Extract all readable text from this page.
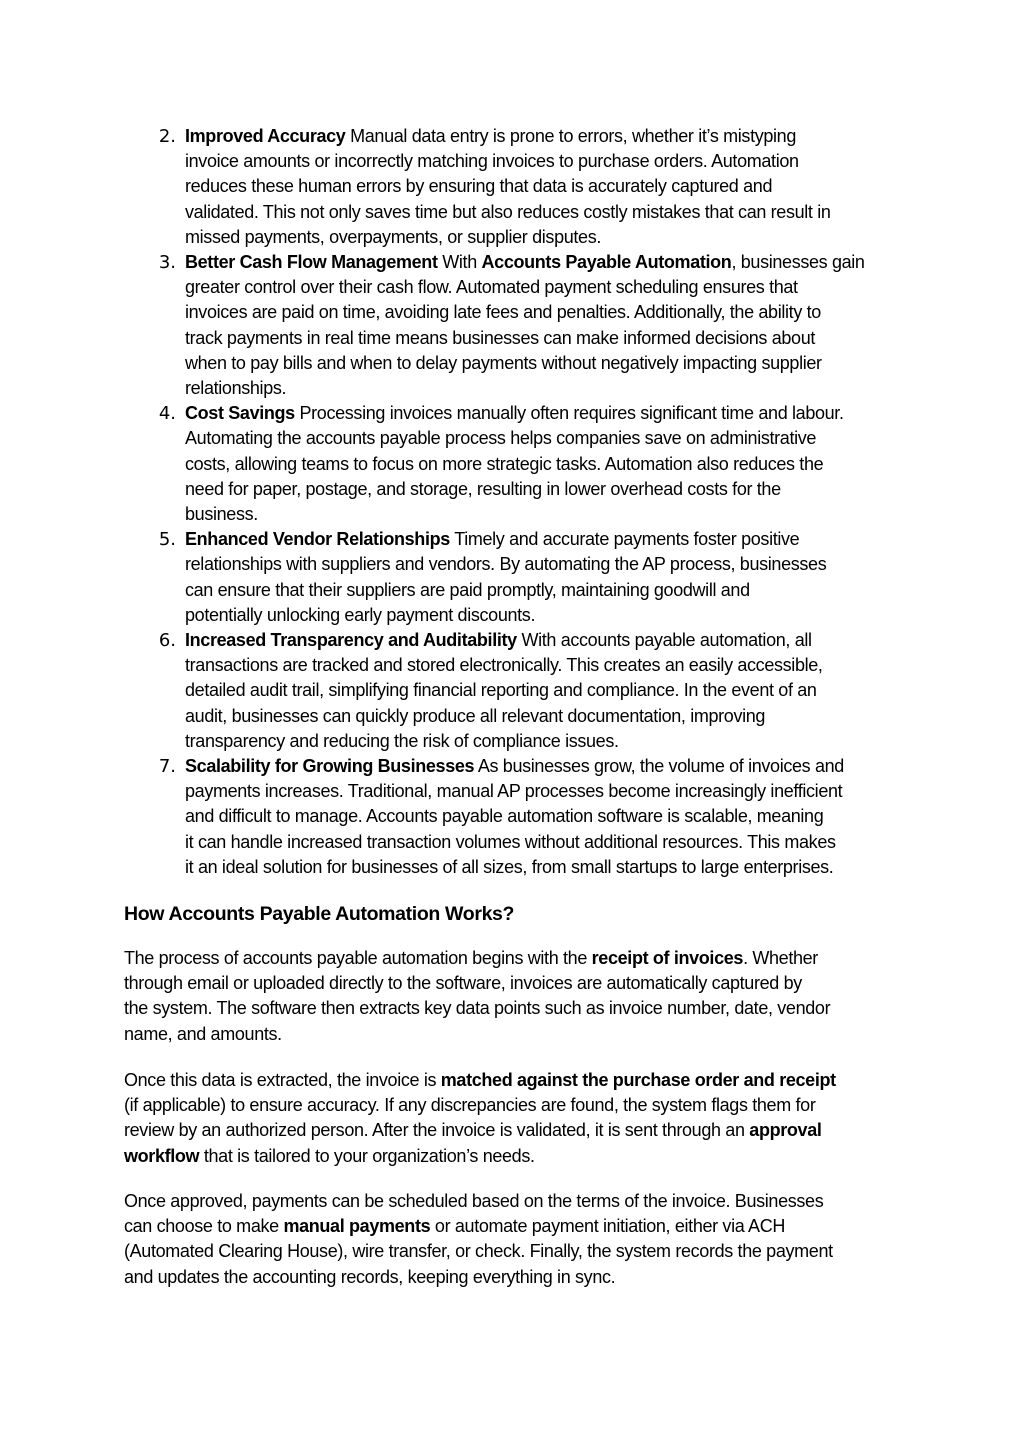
2. Improved Accuracy Manual data entry is prone to errors, whether it’s mistyping
invoice amounts or incorrectly matching invoices to purchase orders. Automation
reduces these human errors by ensuring that data is accurately captured and
validated. This not only saves time but also reduces costly mistakes that can result in
missed payments, overpayments, or supplier disputes.
3. Better Cash Flow Management With Accounts Payable Automation, businesses gain
greater control over their cash flow. Automated payment scheduling ensures that
invoices are paid on time, avoiding late fees and penalties. Additionally, the ability to
track payments in real time means businesses can make informed decisions about
when to pay bills and when to delay payments without negatively impacting supplier
relationships.
4. Cost Savings Processing invoices manually often requires significant time and labour.
Automating the accounts payable process helps companies save on administrative
costs, allowing teams to focus on more strategic tasks. Automation also reduces the
need for paper, postage, and storage, resulting in lower overhead costs for the
business.
5. Enhanced Vendor Relationships Timely and accurate payments foster positive
relationships with suppliers and vendors. By automating the AP process, businesses
can ensure that their suppliers are paid promptly, maintaining goodwill and
potentially unlocking early payment discounts.
6. Increased Transparency and Auditability With accounts payable automation, all
transactions are tracked and stored electronically. This creates an easily accessible,
detailed audit trail, simplifying financial reporting and compliance. In the event of an
audit, businesses can quickly produce all relevant documentation, improving
transparency and reducing the risk of compliance issues.
7. Scalability for Growing Businesses As businesses grow, the volume of invoices and
payments increases. Traditional, manual AP processes become increasingly inefficient
and difficult to manage. Accounts payable automation software is scalable, meaning
it can handle increased transaction volumes without additional resources. This makes
it an ideal solution for businesses of all sizes, from small startups to large enterprises.
How Accounts Payable Automation Works?

The process of accounts payable automation begins with the receipt of invoices. Whether
through email or uploaded directly to the software, invoices are automatically captured by
the system. The software then extracts key data points such as invoice number, date, vendor
name, and amounts.

Once this data is extracted, the invoice is matched against the purchase order and receipt
(if applicable) to ensure accuracy. If any discrepancies are found, the system flags them for
review by an authorized person. After the invoice is validated, it is sent through an approval
workflow that is tailored to your organization’s needs.

Once approved, payments can be scheduled based on the terms of the invoice. Businesses
can choose to make manual payments or automate payment initiation, either via ACH
(Automated Clearing House), wire transfer, or check. Finally, the system records the payment
and updates the accounting records, keeping everything in sync.
